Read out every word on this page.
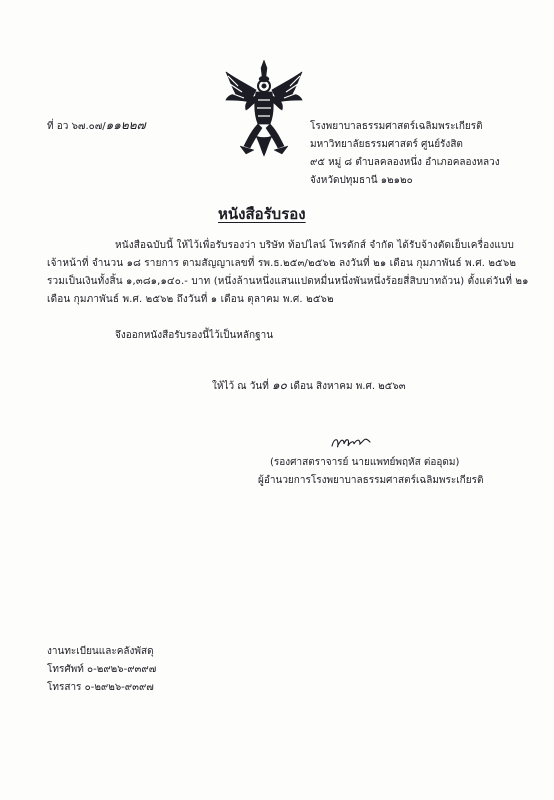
ที่ อว ๖๗.๐๗/๑๑๒๒๗	โรงพยาบาลธรรมศาสตร์เฉลิมพระเกียรติ
มหาวิทยาลัยธรรมศาสตร์ ศูนย์รังสิต
๙๕ หมู่ ๘ ตำบลคลองหนึ่ง อำเภอคลองหลวง
จังหวัดปทุมธานี ๑๒๑๒๐
หนังสือรับรอง
หนังสือฉบับนี้ ให้ไว้เพื่อรับรองว่า บริษัท ท้อปไลน์ โพรดักส์ จำกัด ได้รับจ้างตัดเย็บเครื่องแบบ
เจ้าหน้าที่ จำนวน ๑๘ รายการ ตามสัญญาเลขที่ รพ.ธ.๒๕๓/๒๕๖๒ ลงวันที่ ๒๑ เดือน กุมภาพันธ์ พ.ศ. ๒๕๖๒
รวมเป็นเงินทั้งสิ้น ๑,๓๘๑,๑๔๐.- บาท (หนึ่งล้านหนึ่งแสนแปดหมื่นหนึ่งพันหนึ่งร้อยสี่สิบบาทถ้วน) ตั้งแต่วันที่ ๒๑
เดือน กุมภาพันธ์ พ.ศ. ๒๕๖๒ ถึงวันที่ ๑ เดือน ตุลาคม พ.ศ. ๒๕๖๒
จึงออกหนังสือรับรองนี้ไว้เป็นหลักฐาน
ให้ไว้ ณ วันที่ ๑๐ เดือน สิงหาคม พ.ศ. ๒๕๖๓
(รองศาสตราจารย์ นายแพทย์พฤหัส ต่ออุดม)
ผู้อำนวยการโรงพยาบาลธรรมศาสตร์เฉลิมพระเกียรติ
งานทะเบียนและคลังพัสดุ
โทรศัพท์ ๐-๒๙๒๖-๙๓๙๗
โทรสาร ๐-๒๙๒๖-๙๓๙๗
